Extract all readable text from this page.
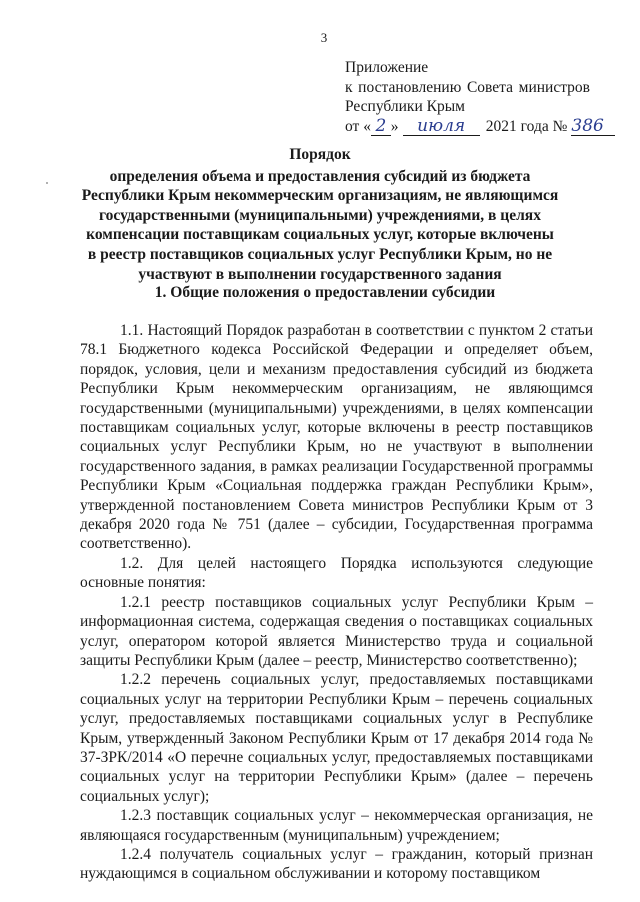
3
Приложение
к постановлению Совета министров
Республики Крым
от « 2 »	июля	2021 года № 386
Порядок
определения объема и предоставления субсидий из бюджета
Республики Крым некоммерческим организациям, не являющимся
государственными (муниципальными) учреждениями, в целях
компенсации поставщикам социальных услуг, которые включены
в реестр поставщиков социальных услуг Республики Крым, но не
участвуют в выполнении государственного задания
1. Общие положения о предоставлении субсидии

1.1. Настоящий Порядок разработан в соответствии с пунктом 2 статьи 78.1 Бюджетного кодекса Российской Федерации и определяет объем, порядок, условия, цели и механизм предоставления субсидий из бюджета Республики Крым некоммерческим организациям, не являющимся государственными (муниципальными) учреждениями, в целях компенсации поставщикам социальных услуг, которые включены в реестр поставщиков социальных услуг Республики Крым, но не участвуют в выполнении государственного задания, в рамках реализации Государственной программы Республики Крым «Социальная поддержка граждан Республики Крым», утвержденной постановлением Совета министров Республики Крым от 3 декабря 2020 года № 751 (далее – субсидии, Государственная программа соответственно).

1.2. Для целей настоящего Порядка используются следующие основные понятия:

1.2.1 реестр поставщиков социальных услуг Республики Крым – информационная система, содержащая сведения о поставщиках социальных услуг, оператором которой является Министерство труда и социальной защиты Республики Крым (далее – реестр, Министерство соответственно);

1.2.2 перечень социальных услуг, предоставляемых поставщиками социальных услуг на территории Республики Крым – перечень социальных услуг, предоставляемых поставщиками социальных услуг в Республике Крым, утвержденный Законом Республики Крым от 17 декабря 2014 года № 37-ЗРК/2014 «О перечне социальных услуг, предоставляемых поставщиками социальных услуг на территории Республики Крым» (далее – перечень социальных услуг);

1.2.3 поставщик социальных услуг – некоммерческая организация, не являющаяся государственным (муниципальным) учреждением;

1.2.4 получатель социальных услуг – гражданин, который признан нуждающимся в социальном обслуживании и которому поставщиком
